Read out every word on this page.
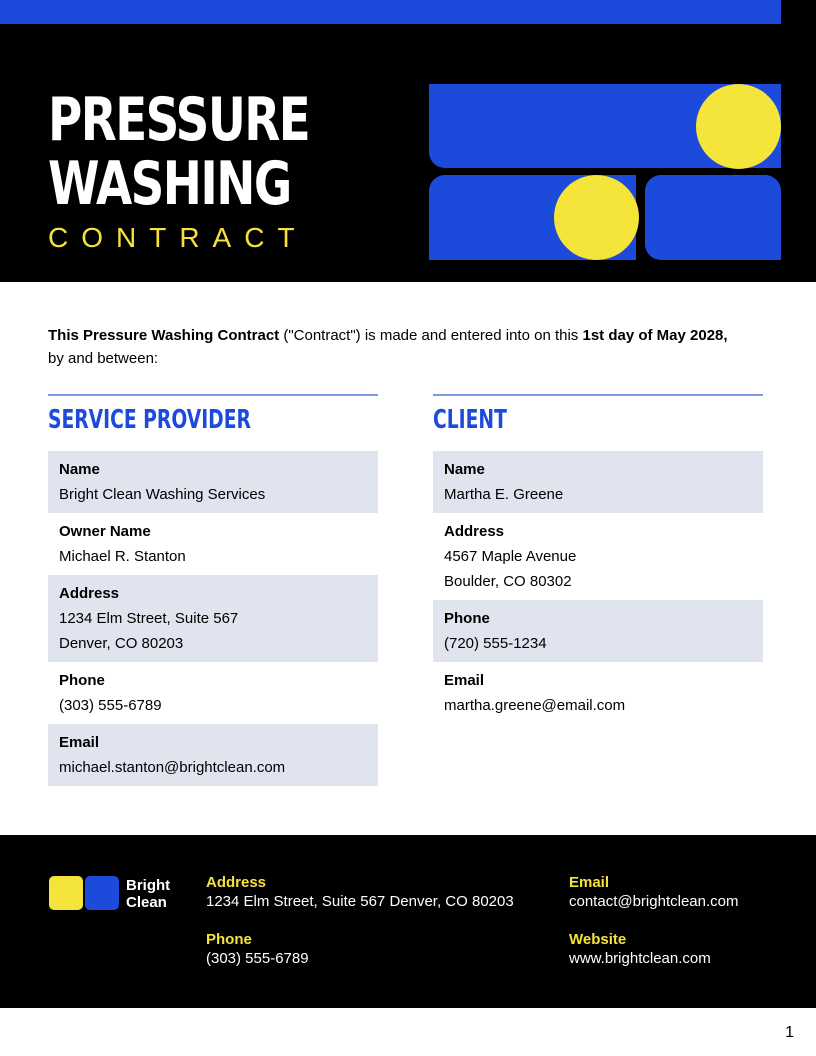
PRESSURE
WASHING
CONTRACT
This Pressure Washing Contract ("Contract") is made and entered into on this 1st day of May 2028,
by and between:
SERVICE PROVIDER
Name
Bright Clean Washing Services
Owner Name
Michael R. Stanton
Address
1234 Elm Street, Suite 567
Denver, CO 80203
Phone
(303) 555-6789
Email
michael.stanton@brightclean.com
CLIENT
Name
Martha E. Greene
Address
4567 Maple Avenue
Boulder, CO 80302
Phone
(720) 555-1234
Email
martha.greene@email.com
Bright
Clean
Address
1234 Elm Street, Suite 567 Denver, CO 80203
Phone
(303) 555-6789
Email
contact@brightclean.com
Website
www.brightclean.com
1
